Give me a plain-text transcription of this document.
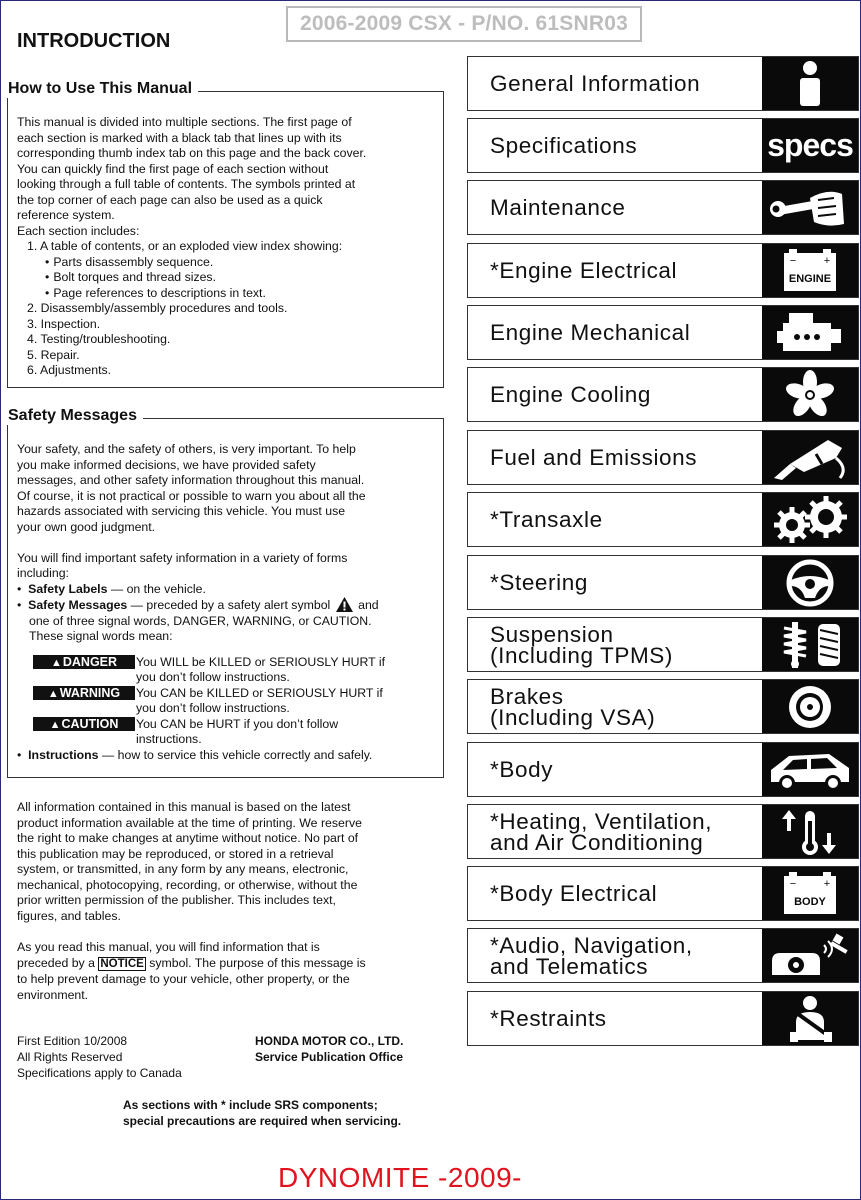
2006-2009 CSX - P/NO. 61SNR03
INTRODUCTION
How to Use This Manual
This manual is divided into multiple sections. The first page of
each section is marked with a black tab that lines up with its
corresponding thumb index tab on this page and the back cover.
You can quickly find the first page of each section without
looking through a full table of contents. The symbols printed at
the top corner of each page can also be used as a quick
reference system.
Each section includes:
1. A table of contents, or an exploded view index showing:
• Parts disassembly sequence.
• Bolt torques and thread sizes.
• Page references to descriptions in text.
2. Disassembly/assembly procedures and tools.
3. Inspection.
4. Testing/troubleshooting.
5. Repair.
6. Adjustments.
Safety Messages
Your safety, and the safety of others, is very important. To help
you make informed decisions, we have provided safety
messages, and other safety information throughout this manual.
Of course, it is not practical or possible to warn you about all the
hazards associated with servicing this vehicle. You must use
your own good judgment.
You will find important safety information in a variety of forms
including:
•  Safety Labels — on the vehicle.
•  Safety Messages — preceded by a safety alert symbol  and
one of three signal words, DANGER, WARNING, or CAUTION.
These signal words mean:
▲DANGER	You WILL be KILLED or SERIOUSLY HURT if
you don’t follow instructions.
▲WARNING	You CAN be KILLED or SERIOUSLY HURT if
you don’t follow instructions.
▲CAUTION	You CAN be HURT if you don’t follow
instructions.
•  Instructions — how to service this vehicle correctly and safely.
All information contained in this manual is based on the latest
product information available at the time of printing. We reserve
the right to make changes at anytime without notice. No part of
this publication may be reproduced, or stored in a retrieval
system, or transmitted, in any form by any means, electronic,
mechanical, photocopying, recording, or otherwise, without the
prior written permission of the publisher. This includes text,
figures, and tables.
As you read this manual, you will find information that is
preceded by a NOTICE symbol. The purpose of this message is
to help prevent damage to your vehicle, other property, or the
environment.
First Edition 10/2008
All Rights Reserved
Specifications apply to Canada
HONDA MOTOR CO., LTD.
Service Publication Office
As sections with * include SRS components;
special precautions are required when servicing.
DYNOMITE -2009-
General Information
Specifications	specs
Maintenance
*Engine Electrical	−	+
ENGINE
Engine Mechanical
Engine Cooling
Fuel and Emissions
*Transaxle
*Steering
Suspension
(Including TPMS)
Brakes
(Including VSA)
*Body
*Heating, Ventilation,
and Air Conditioning
*Body Electrical	−	+
BODY
*Audio, Navigation,
and Telematics
*Restraints
